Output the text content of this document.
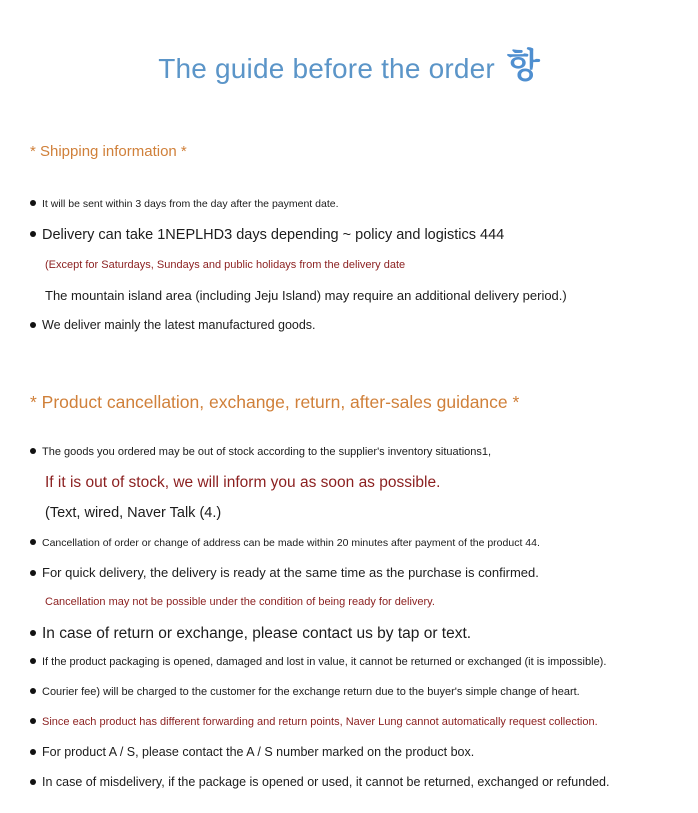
The guide before the order 항
* Shipping information *
It will be sent within 3 days from the day after the payment date.
Delivery can take 1NEPLHD3 days depending ~ policy and logistics 444
(Except for Saturdays, Sundays and public holidays from the delivery date
The mountain island area (including Jeju Island) may require an additional delivery period.)
We deliver mainly the latest manufactured goods.
* Product cancellation, exchange, return, after-sales guidance *
The goods you ordered may be out of stock according to the supplier's inventory situations1,
If it is out of stock, we will inform you as soon as possible.
(Text, wired, Naver Talk (4.)
Cancellation of order or change of address can be made within 20 minutes after payment of the product 44.
For quick delivery, the delivery is ready at the same time as the purchase is confirmed.
Cancellation may not be possible under the condition of being ready for delivery.
In case of return or exchange, please contact us by tap or text.
If the product packaging is opened, damaged and lost in value, it cannot be returned or exchanged (it is impossible).
Courier fee) will be charged to the customer for the exchange return due to the buyer's simple change of heart.
Since each product has different forwarding and return points, Naver Lung cannot automatically request collection.
For product A / S, please contact the A / S number marked on the product box.
In case of misdelivery, if the package is opened or used, it cannot be returned, exchanged or refunded.
